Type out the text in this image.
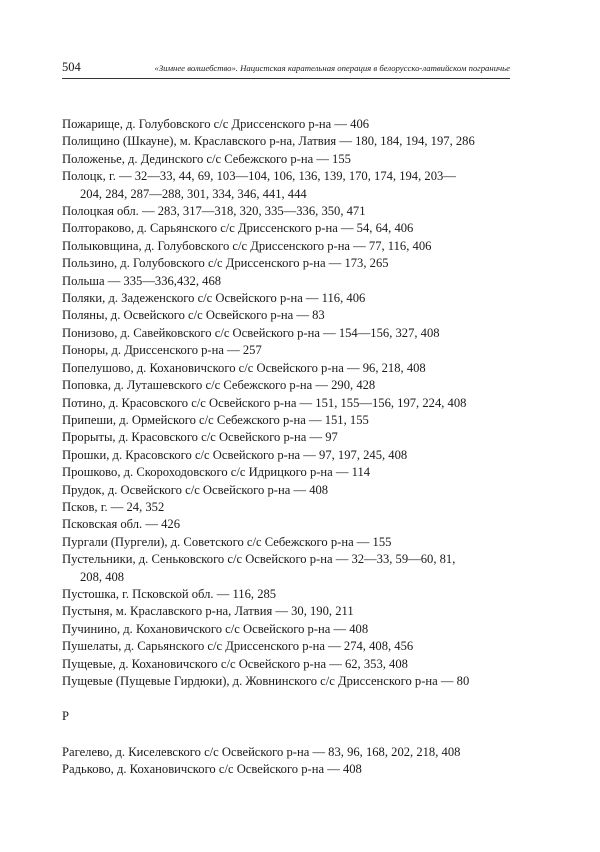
504	«Зимнее волшебство». Нацистская карательная операция в белорусско-латвийском пограничье
Пожарище, д. Голубовского с/с Дриссенского р-на — 406
Полищино (Шкауне), м. Краславского р-на, Латвия — 180, 184, 194, 197, 286
Положенье, д. Дединского с/с Себежского р-на — 155
Полоцк, г. — 32—33, 44, 69, 103—104, 106, 136, 139, 170, 174, 194, 203—
204, 284, 287—288, 301, 334, 346, 441, 444
Полоцкая обл. — 283, 317—318, 320, 335—336, 350, 471
Полтораково, д. Сарьянского с/с Дриссенского р-на — 54, 64, 406
Полыковщина, д. Голубовского с/с Дриссенского р-на — 77, 116, 406
Пользино, д. Голубовского с/с Дриссенского р-на — 173, 265
Польша — 335—336,432, 468
Поляки, д. Задеженского с/с Освейского р-на — 116, 406
Поляны, д. Освейского с/с Освейского р-на — 83
Понизово, д. Савейковского с/с Освейского р-на — 154—156, 327, 408
Поноры, д. Дриссенского р-на — 257
Попелушово, д. Кохановичского с/с Освейского р-на — 96, 218, 408
Поповка, д. Луташевского с/с Себежского р-на — 290, 428
Потино, д. Красовского с/с Освейского р-на — 151, 155—156, 197, 224, 408
Припеши, д. Ормейского с/с Себежского р-на — 151, 155
Прорыты, д. Красовского с/с Освейского р-на — 97
Прошки, д. Красовского с/с Освейского р-на — 97, 197, 245, 408
Прошково, д. Скороходовского с/с Идрицкого р-на — 114
Прудок, д. Освейского с/с Освейского р-на — 408
Псков, г. — 24, 352
Псковская обл. — 426
Пургали (Пургели), д. Советского с/с Себежского р-на — 155
Пустельники, д. Сеньковского с/с Освейского р-на — 32—33, 59—60, 81,
208, 408
Пустошка, г. Псковской обл. — 116, 285
Пустыня, м. Краславского р-на, Латвия — 30, 190, 211
Пучинино, д. Кохановичского с/с Освейского р-на — 408
Пушелаты, д. Сарьянского с/с Дриссенского р-на — 274, 408, 456
Пущевые, д. Кохановичского с/с Освейского р-на — 62, 353, 408
Пущевые (Пущевые Гирдюки), д. Жовнинского с/с Дриссенского р-на — 80
Р
Рагелево, д. Киселевского с/с Освейского р-на — 83, 96, 168, 202, 218, 408
Радьково, д. Кохановичского с/с Освейского р-на — 408
